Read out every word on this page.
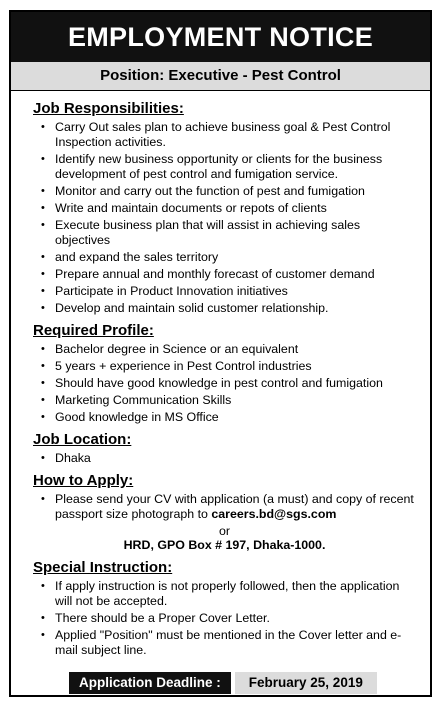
EMPLOYMENT NOTICE
Position: Executive - Pest Control
Job Responsibilities:
• Carry Out sales plan to achieve business goal & Pest Control Inspection activities.
• Identify new business opportunity or clients for the business development of pest control and fumigation service.
• Monitor and carry out the function of pest and fumigation
• Write and maintain documents or repots of clients
• Execute business plan that will assist in achieving sales objectives
• and expand the sales territory
• Prepare annual and monthly forecast of customer demand
• Participate in Product Innovation initiatives
• Develop and maintain solid customer relationship.
Required Profile:
• Bachelor degree in Science or an equivalent
• 5 years + experience in Pest Control industries
• Should have good knowledge in pest control and fumigation
• Marketing Communication Skills
• Good knowledge in MS Office
Job Location:
• Dhaka
How to Apply:
• Please send your CV with application (a must) and copy of recent passport size photograph to careers.bd@sgs.com
or
HRD, GPO Box # 197, Dhaka-1000.
Special Instruction:
• If apply instruction is not properly followed, then the application will not be accepted.
• There should be a Proper Cover Letter.
• Applied "Position" must be mentioned in the Cover letter and e-mail subject line.
Application Deadline :	February 25, 2019
